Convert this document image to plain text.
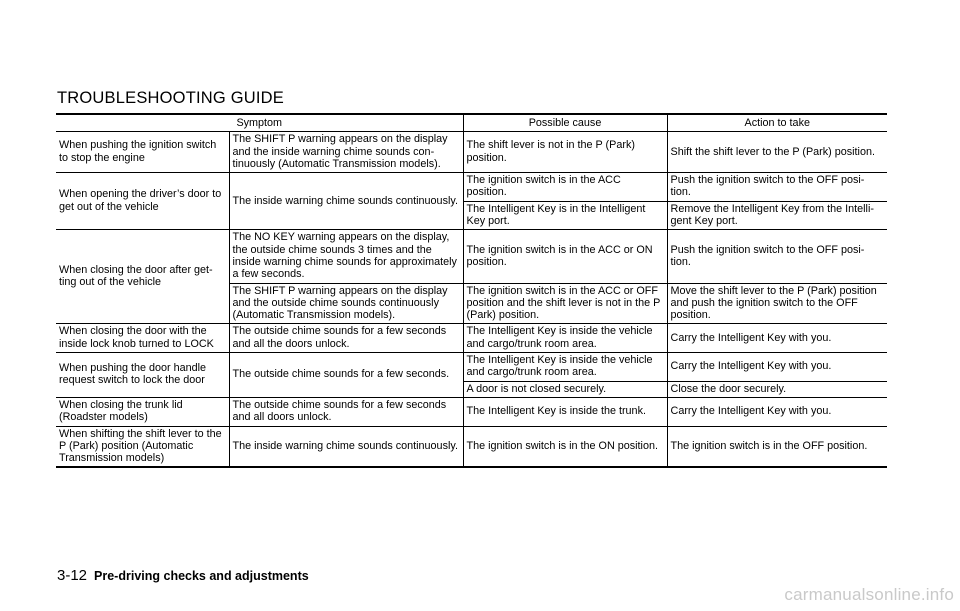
TROUBLESHOOTING GUIDE
Symptom		Possible cause	Action to take
When pushing the ignition switch to stop the engine	The SHIFT P warning appears on the display and the inside warning chime sounds con-tinuously (Automatic Transmission models).	The shift lever is not in the P (Park) position.	Shift the shift lever to the P (Park) position.
When opening the driver’s door to get out of the vehicle	The inside warning chime sounds continuously.	The ignition switch is in the ACC position.	Push the ignition switch to the OFF posi-tion.
		The Intelligent Key is in the Intelligent Key port.	Remove the Intelligent Key from the Intelli-gent Key port.
When closing the door after get-ting out of the vehicle	The NO KEY warning appears on the display, the outside chime sounds 3 times and the inside warning chime sounds for approximately a few seconds.	The ignition switch is in the ACC or ON position.	Push the ignition switch to the OFF posi-tion.
	The SHIFT P warning appears on the display and the outside chime sounds continuously (Automatic Transmission models).	The ignition switch is in the ACC or OFF position and the shift lever is not in the P (Park) position.	Move the shift lever to the P (Park) position and push the ignition switch to the OFF position.
When closing the door with the inside lock knob turned to LOCK	The outside chime sounds for a few seconds and all the doors unlock.	The Intelligent Key is inside the vehicle and cargo/trunk room area.	Carry the Intelligent Key with you.
When pushing the door handle request switch to lock the door	The outside chime sounds for a few seconds.	The Intelligent Key is inside the vehicle and cargo/trunk room area.	Carry the Intelligent Key with you.
		A door is not closed securely.	Close the door securely.
When closing the trunk lid (Roadster models)	The outside chime sounds for a few seconds and all doors unlock.	The Intelligent Key is inside the trunk.	Carry the Intelligent Key with you.
When shifting the shift lever to the P (Park) position (Automatic Transmission models)	The inside warning chime sounds continuously.	The ignition switch is in the ON position.	The ignition switch is in the OFF position.
3-12 Pre-driving checks and adjustments
carmanualsonline.info
